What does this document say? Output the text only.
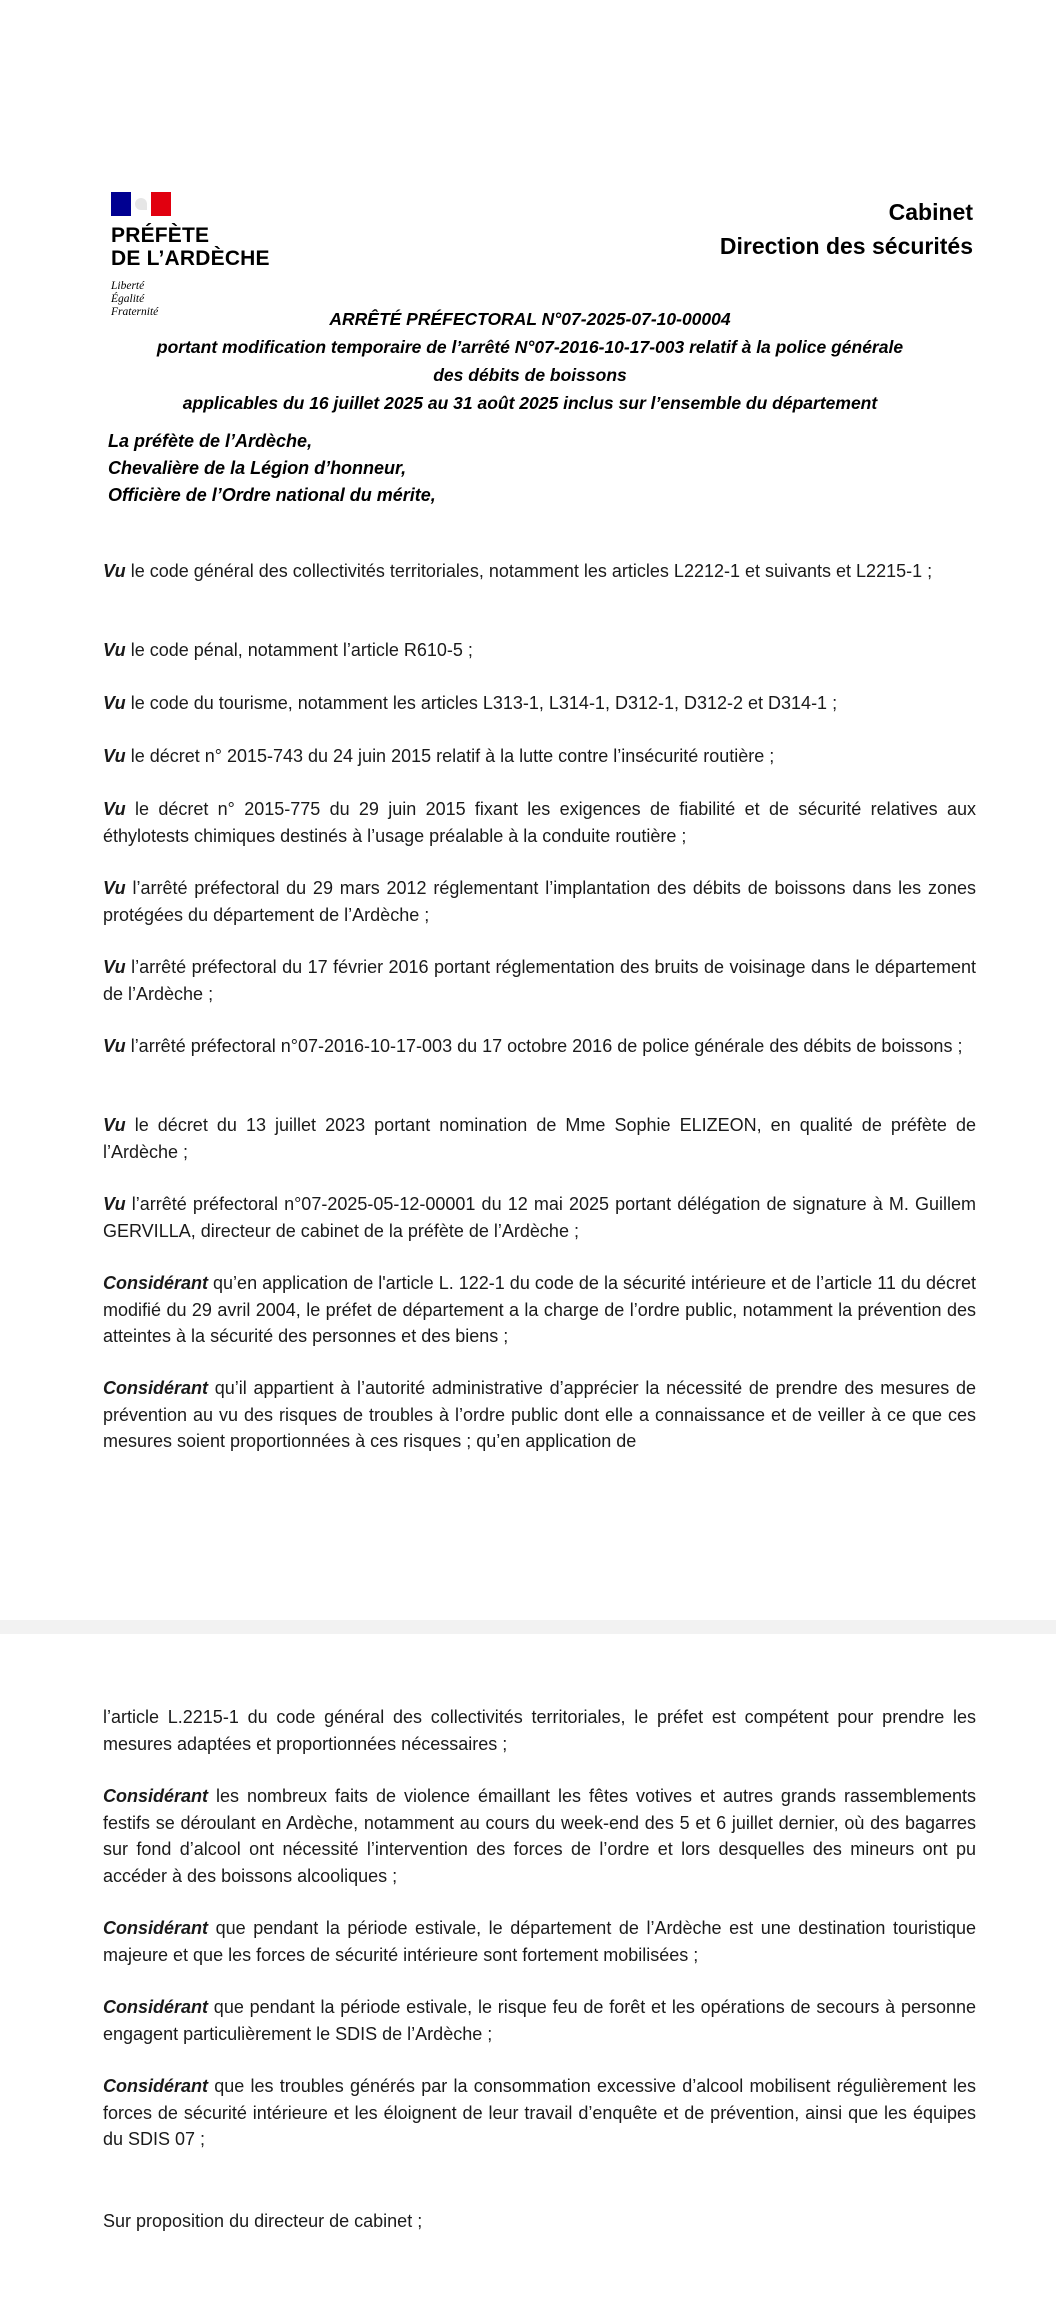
PRÉFÈTE
DE L’ARDÈCHE
Liberté
Égalité
Fraternité
Cabinet
Direction des sécurités
ARRÊTÉ PRÉFECTORAL N°07-2025-07-10-00004
portant modification temporaire de l’arrêté N°07-2016-10-17-003 relatif à la police générale
des débits de boissons
applicables du 16 juillet 2025 au 31 août 2025 inclus sur l’ensemble du département
La préfète de l’Ardèche,
Chevalière de la Légion d’honneur,
Officière de l’Ordre national du mérite,
Vu le code général des collectivités territoriales, notamment les articles L2212-1 et suivants et L2215-1 ;
Vu le code pénal, notamment l’article R610-5 ;
Vu le code du tourisme, notamment les articles L313-1, L314-1, D312-1, D312-2 et D314-1 ;
Vu le décret n° 2015-743 du 24 juin 2015 relatif à la lutte contre l’insécurité routière ;
Vu le décret n° 2015-775 du 29 juin 2015 fixant les exigences de fiabilité et de sécurité relatives aux éthylotests chimiques destinés à l’usage préalable à la conduite routière ;
Vu l’arrêté préfectoral du 29 mars 2012 réglementant l’implantation des débits de boissons dans les zones protégées du département de l’Ardèche ;
Vu l’arrêté préfectoral du 17 février 2016 portant réglementation des bruits de voisinage dans le département de l’Ardèche ;
Vu l’arrêté préfectoral n°07-2016-10-17-003 du 17 octobre 2016 de police générale des débits de boissons ;
Vu le décret du 13 juillet 2023 portant nomination de Mme Sophie ELIZEON, en qualité de préfète de l’Ardèche ;
Vu l’arrêté préfectoral n°07-2025-05-12-00001 du 12 mai 2025 portant délégation de signature à M. Guillem GERVILLA, directeur de cabinet de la préfète de l’Ardèche ;
Considérant qu’en application de l'article L. 122-1 du code de la sécurité intérieure et de l’article 11 du décret modifié du 29 avril 2004, le préfet de département a la charge de l’ordre public, notamment la prévention des atteintes à la sécurité des personnes et des biens ;
Considérant qu’il appartient à l’autorité administrative d’apprécier la nécessité de prendre des mesures de prévention au vu des risques de troubles à l’ordre public dont elle a connaissance et de veiller à ce que ces mesures soient proportionnées à ces risques ; qu’en application de
l’article L.2215-1 du code général des collectivités territoriales, le préfet est compétent pour prendre les mesures adaptées et proportionnées nécessaires ;
Considérant les nombreux faits de violence émaillant les fêtes votives et autres grands rassemblements festifs se déroulant en Ardèche, notamment au cours du week-end des 5 et 6 juillet dernier, où des bagarres sur fond d’alcool ont nécessité l’intervention des forces de l’ordre et lors desquelles des mineurs ont pu accéder à des boissons alcooliques ;
Considérant que pendant la période estivale, le département de l’Ardèche est une destination touristique majeure et que les forces de sécurité intérieure sont fortement mobilisées ;
Considérant que pendant la période estivale, le risque feu de forêt et les opérations de secours à personne engagent particulièrement le SDIS de l’Ardèche ;
Considérant que les troubles générés par la consommation excessive d’alcool mobilisent régulièrement les forces de sécurité intérieure et les éloignent de leur travail d’enquête et de prévention, ainsi que les équipes du SDIS 07 ;
Sur proposition du directeur de cabinet ;
